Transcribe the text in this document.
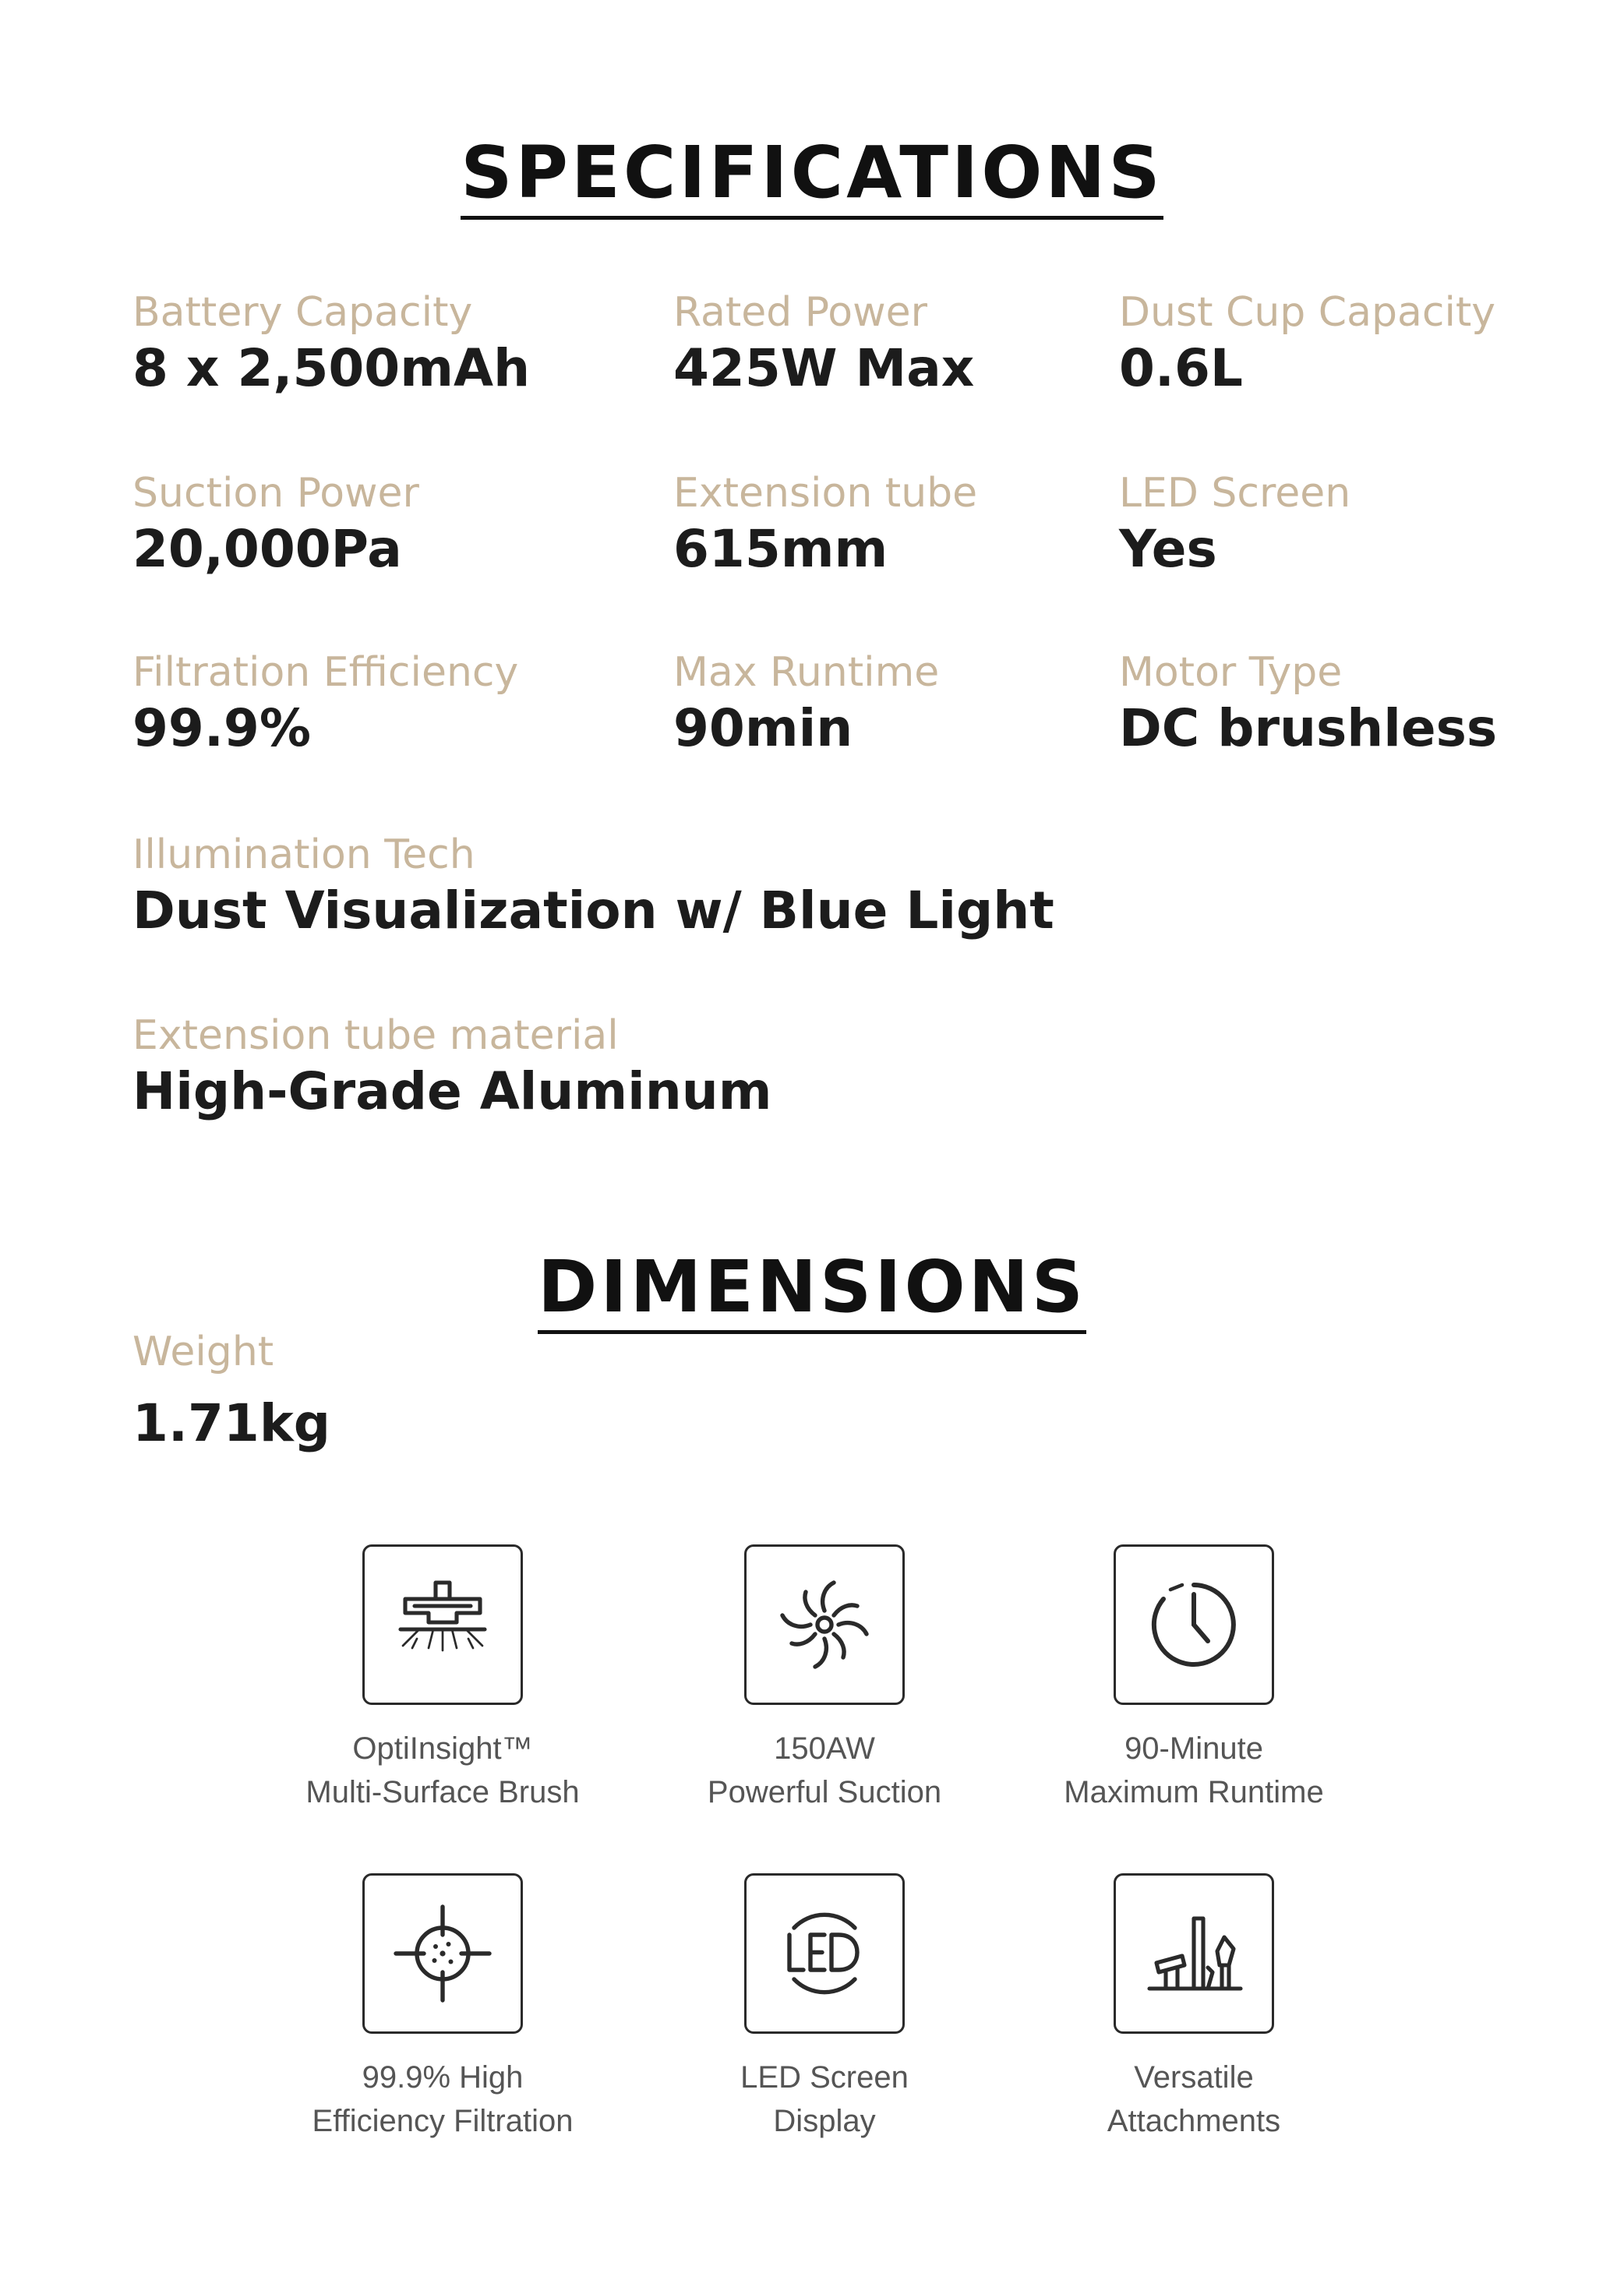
SPECIFICATIONS
Battery Capacity
8 x 2,500mAh
Rated Power
425W Max
Dust Cup Capacity
0.6L
Suction Power
20,000Pa
Extension tube
615mm
LED Screen
Yes
Filtration Efficiency
99.9%
Max Runtime
90min
Motor Type
DC brushless
Illumination Tech
Dust Visualization w/ Blue Light
Extension tube material
High-Grade Aluminum
DIMENSIONS
Weight
1.71kg
OptiInsight™
Multi-Surface Brush
150AW
Powerful Suction
90-Minute
Maximum Runtime
99.9% High
Efficiency Filtration
LED Screen
Display
Versatile
Attachments
